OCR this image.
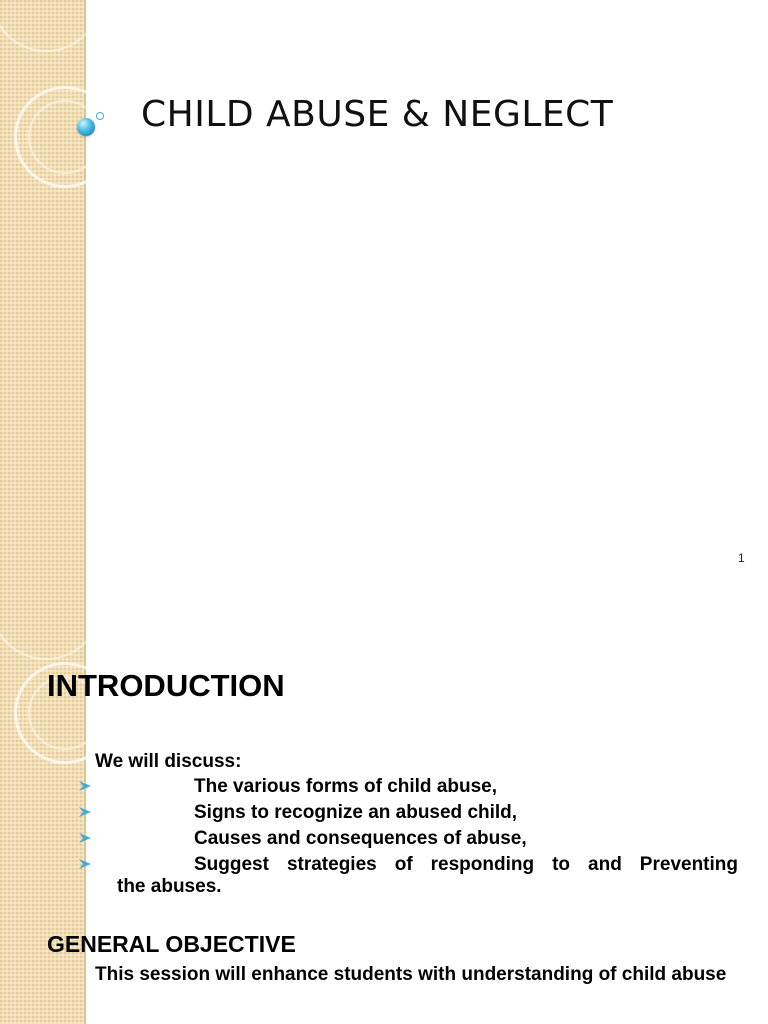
CHILD ABUSE & NEGLECT
1
INTRODUCTION
We will discuss:
The various forms of child abuse,
Signs to recognize an abused child,
Causes and consequences of abuse,
Suggest strategies of responding to and Preventing
the abuses.
GENERAL OBJECTIVE
This session will enhance students with understanding of child abuse
